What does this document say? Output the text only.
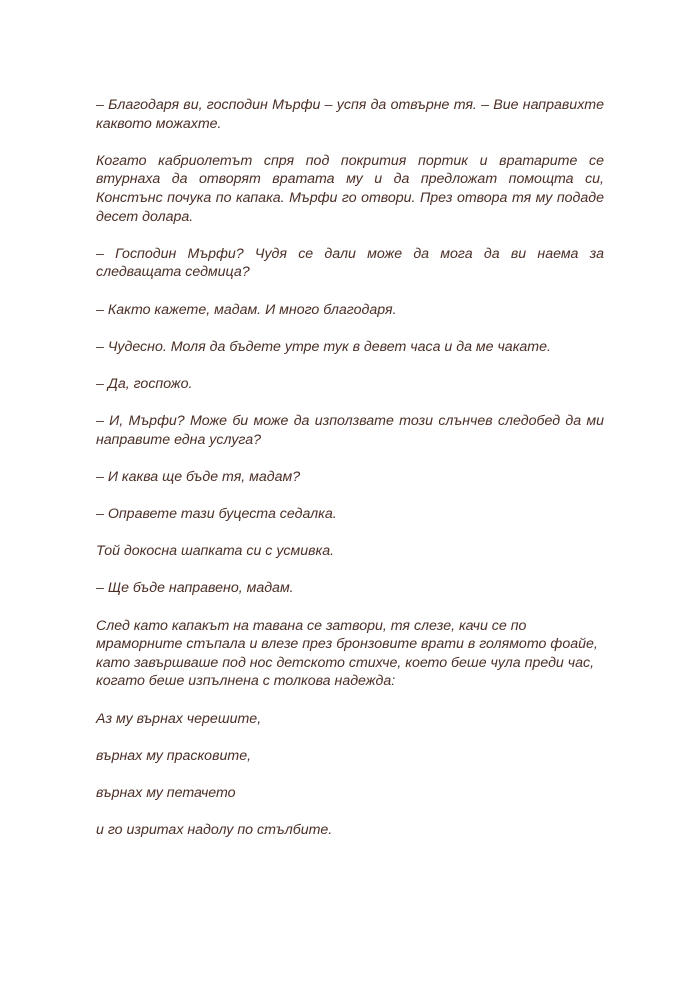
– Благодаря ви, господин Мърфи – успя да отвърне тя. – Вие направихте каквото можахте.

Когато кабриолетът спря под покрития портик и вратарите се втурнаха да отворят вратата му и да предложат помощта си, Констънс почука по капака. Мърфи го отвори. През отвора тя му подаде десет долара.

– Господин Мърфи? Чудя се дали може да мога да ви наема за следващата седмица?

– Както кажете, мадам. И много благодаря.

– Чудесно. Моля да бъдете утре тук в девет часа и да ме чакате.

– Да, госпожо.

– И, Мърфи? Може би може да използвате този слънчев следобед да ми направите една услуга?

– И каква ще бъде тя, мадам?

– Оправете тази буцеста седалка.

Той докосна шапката си с усмивка.

– Ще бъде направено, мадам.

След като капакът на тавана се затвори, тя слезе, качи се по мраморните стъпала и влезе през бронзовите врати в голямото фоайе, като завършваше под нос детското стихче, което беше чула преди час, когато беше изпълнена с толкова надежда:

Аз му върнах черешите,

върнах му прасковите,

върнах му петачето

и го изритах надолу по стълбите.
